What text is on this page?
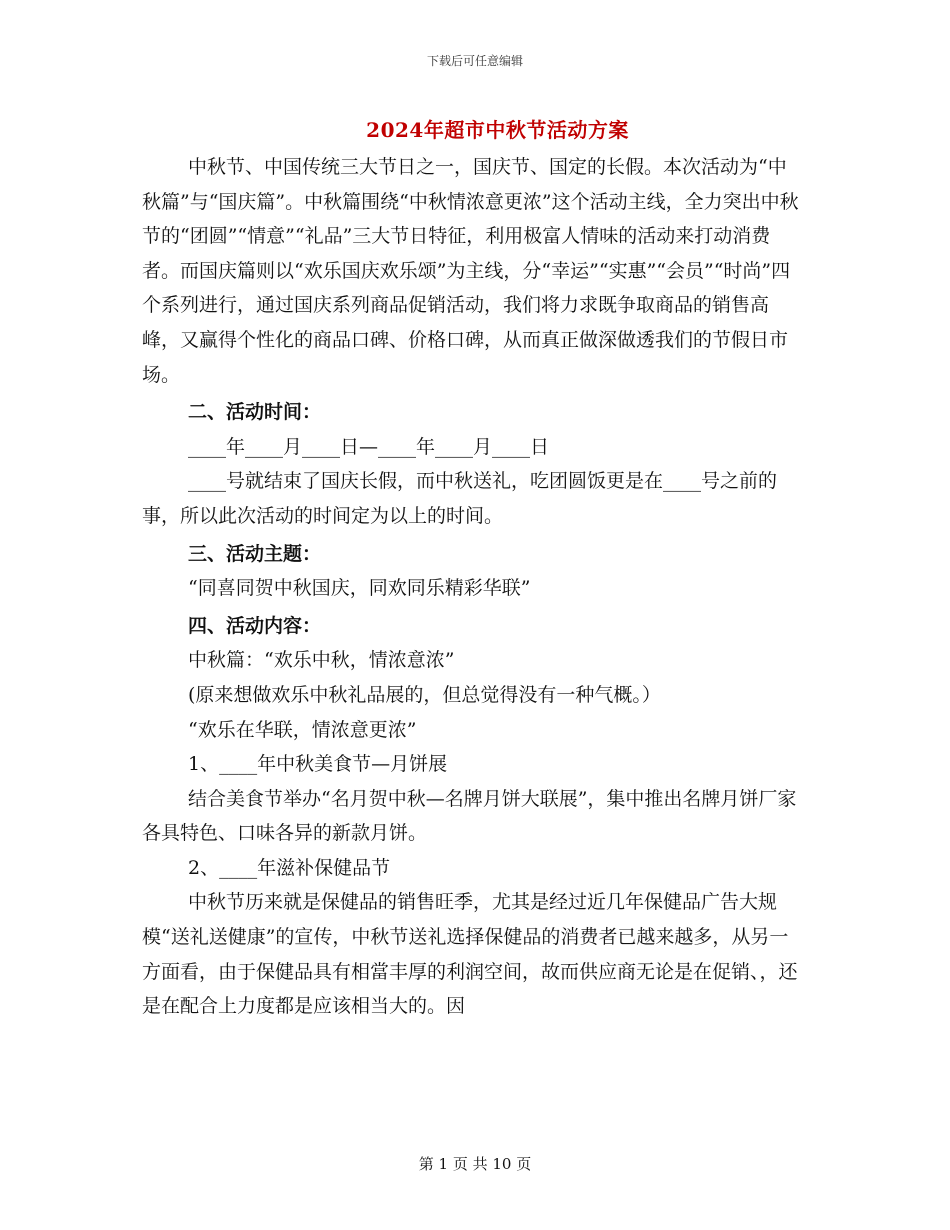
下载后可任意编辑
2024年超市中秋节活动方案

中秋节、中国传统三大节日之一，国庆节、国定的长假。本次活动为“中秋篇”与“国庆篇”。中秋篇围绕“中秋情浓意更浓”这个活动主线，全力突出中秋节的“团圆”“情意”“礼品”三大节日特征，利用极富人情味的活动来打动消费者。而国庆篇则以“欢乐国庆欢乐颂”为主线，分“幸运”“实惠”“会员”“时尚”四个系列进行，通过国庆系列商品促销活动，我们将力求既争取商品的销售高峰，又赢得个性化的商品口碑、价格口碑，从而真正做深做透我们的节假日市场。

二、活动时间：

____年____月____日—____年____月____日

____号就结束了国庆长假，而中秋送礼，吃团圆饭更是在____号之前的事，所以此次活动的时间定为以上的时间。

三、活动主题：

“同喜同贺中秋国庆，同欢同乐精彩华联”

四、活动内容：

中秋篇：“欢乐中秋，情浓意浓”

(原来想做欢乐中秋礼品展的，但总觉得没有一种气概。）

“欢乐在华联，情浓意更浓”

1、____年中秋美食节—月饼展

结合美食节举办“名月贺中秋—名牌月饼大联展”，集中推出名牌月饼厂家各具特色、口味各异的新款月饼。

2、____年滋补保健品节

中秋节历来就是保健品的销售旺季，尤其是经过近几年保健品广告大规模“送礼送健康”的宣传，中秋节送礼选择保健品的消费者已越来越多，从另一方面看，由于保健品具有相當丰厚的利润空间，故而供应商无论是在促销、，还是在配合上力度都是应该相当大的。因

第 1 页 共 10 页
